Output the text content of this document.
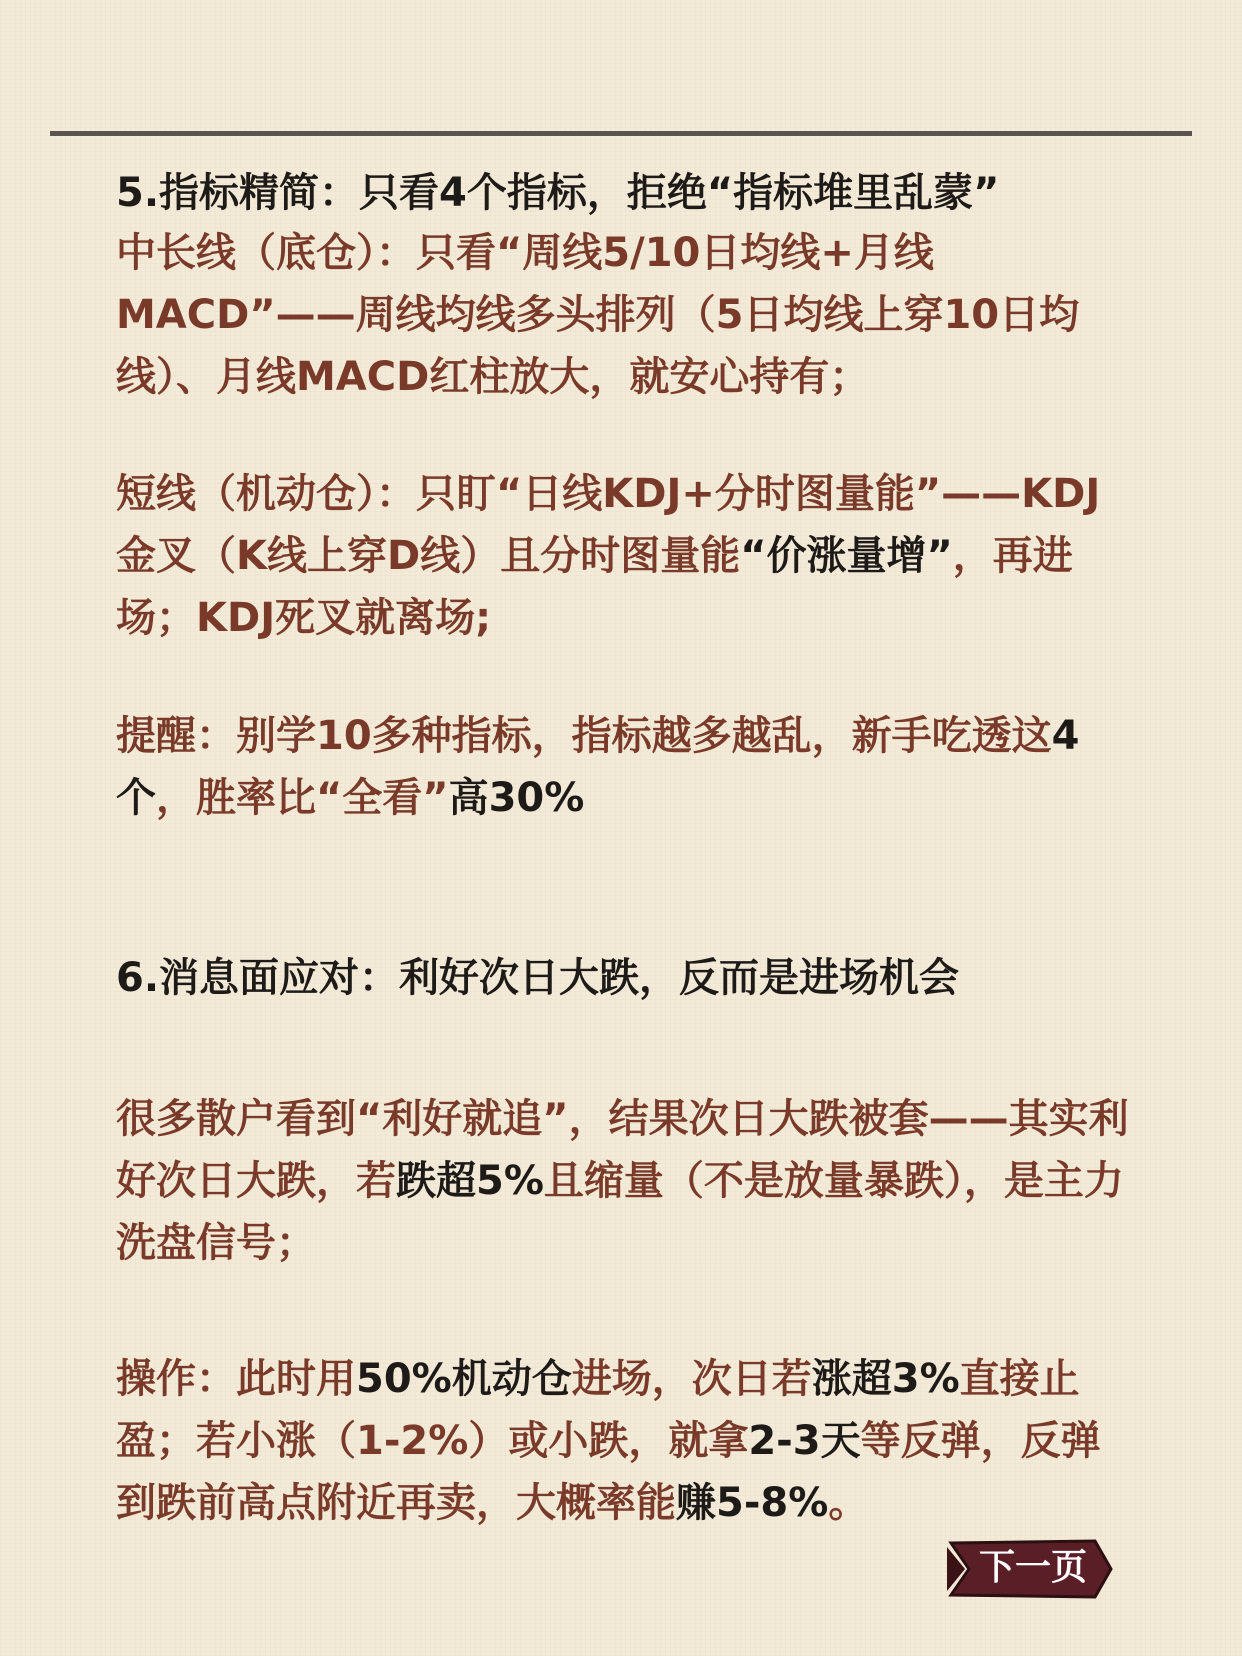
5.指标精简：只看4个指标，拒绝“指标堆里乱蒙”

中长线（底仓）：只看“周线5/10日均线+月线MACD”——周线均线多头排列（5日均线上穿10日均线）、月线MACD红柱放大，就安心持有；

短线（机动仓）：只盯“日线KDJ+分时图量能”——KDJ金叉（K线上穿D线）且分时图量能“价涨量增”，再进场；KDJ死叉就离场;

提醒：别学10多种指标，指标越多越乱，新手吃透这4个，胜率比“全看”高30%

6.消息面应对：利好次日大跌，反而是进场机会

很多散户看到“利好就追”，结果次日大跌被套——其实利好次日大跌，若跌超5%且缩量（不是放量暴跌），是主力洗盘信号；

操作：此时用50%机动仓进场，次日若涨超3%直接止盈；若小涨（1-2%）或小跌，就拿2-3天等反弹，反弹到跌前高点附近再卖，大概率能赚5-8%。

下一页
